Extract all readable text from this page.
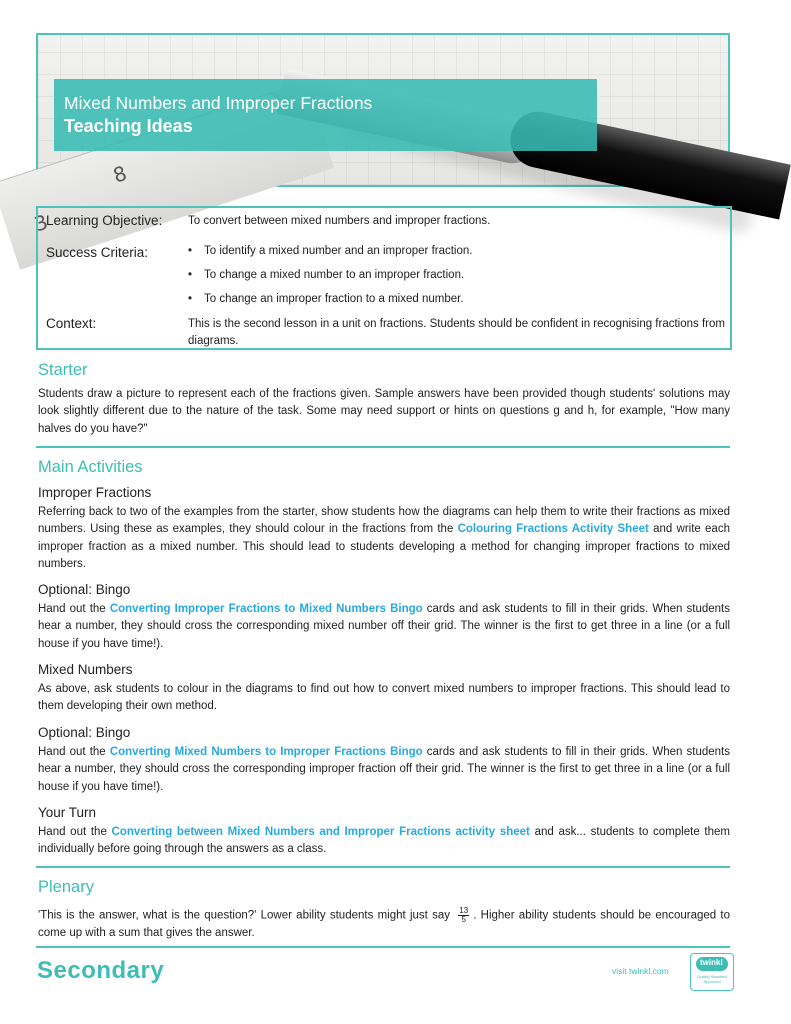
3
8
Mixed Numbers and Improper Fractions
Teaching Ideas
Learning Objective: To convert between mixed numbers and improper fractions.
Success Criteria:	• To identify a mixed number and an improper fraction.
• To change a mixed number to an improper fraction.
• To change an improper fraction to a mixed number.
Context:	This is the second lesson in a unit on fractions. Students should be confident in recognising fractions from diagrams.
Starter
Students draw a picture to represent each of the fractions given. Sample answers have been provided though students' solutions may look slightly different due to the nature of the task. Some may need support or hints on questions g and h, for example, "How many halves do you have?"
Main Activities
Improper Fractions
Referring back to two of the examples from the starter, show students how the diagrams can help them to write their fractions as mixed numbers. Using these as examples, they should colour in the fractions from the Colouring Fractions Activity Sheet and write each improper fraction as a mixed number. This should lead to students developing a method for changing improper fractions to mixed numbers.
Optional: Bingo
Hand out the Converting Improper Fractions to Mixed Numbers Bingo cards and ask students to fill in their grids. When students hear a number, they should cross the corresponding mixed number off their grid. The winner is the first to get three in a line (or a full house if you have time!).
Mixed Numbers
As above, ask students to colour in the diagrams to find out how to convert mixed numbers to improper fractions. This should lead to them developing their own method.
Optional: Bingo
Hand out the Converting Mixed Numbers to Improper Fractions Bingo cards and ask students to fill in their grids. When students hear a number, they should cross the corresponding improper fraction off their grid. The winner is the first to get three in a line (or a full house if you have time!).
Your Turn
Hand out the Converting between Mixed Numbers and Improper Fractions activity sheet and ask... students to complete them individually before going through the answers as a class.
Plenary
'This is the answer, what is the question?' Lower ability students might just say $\frac{13}{5}$ . Higher ability students should be encouraged to come up with a sum that gives the answer.
Secondary	visit twinkl.com
twinkl
Quality Standard Approved
